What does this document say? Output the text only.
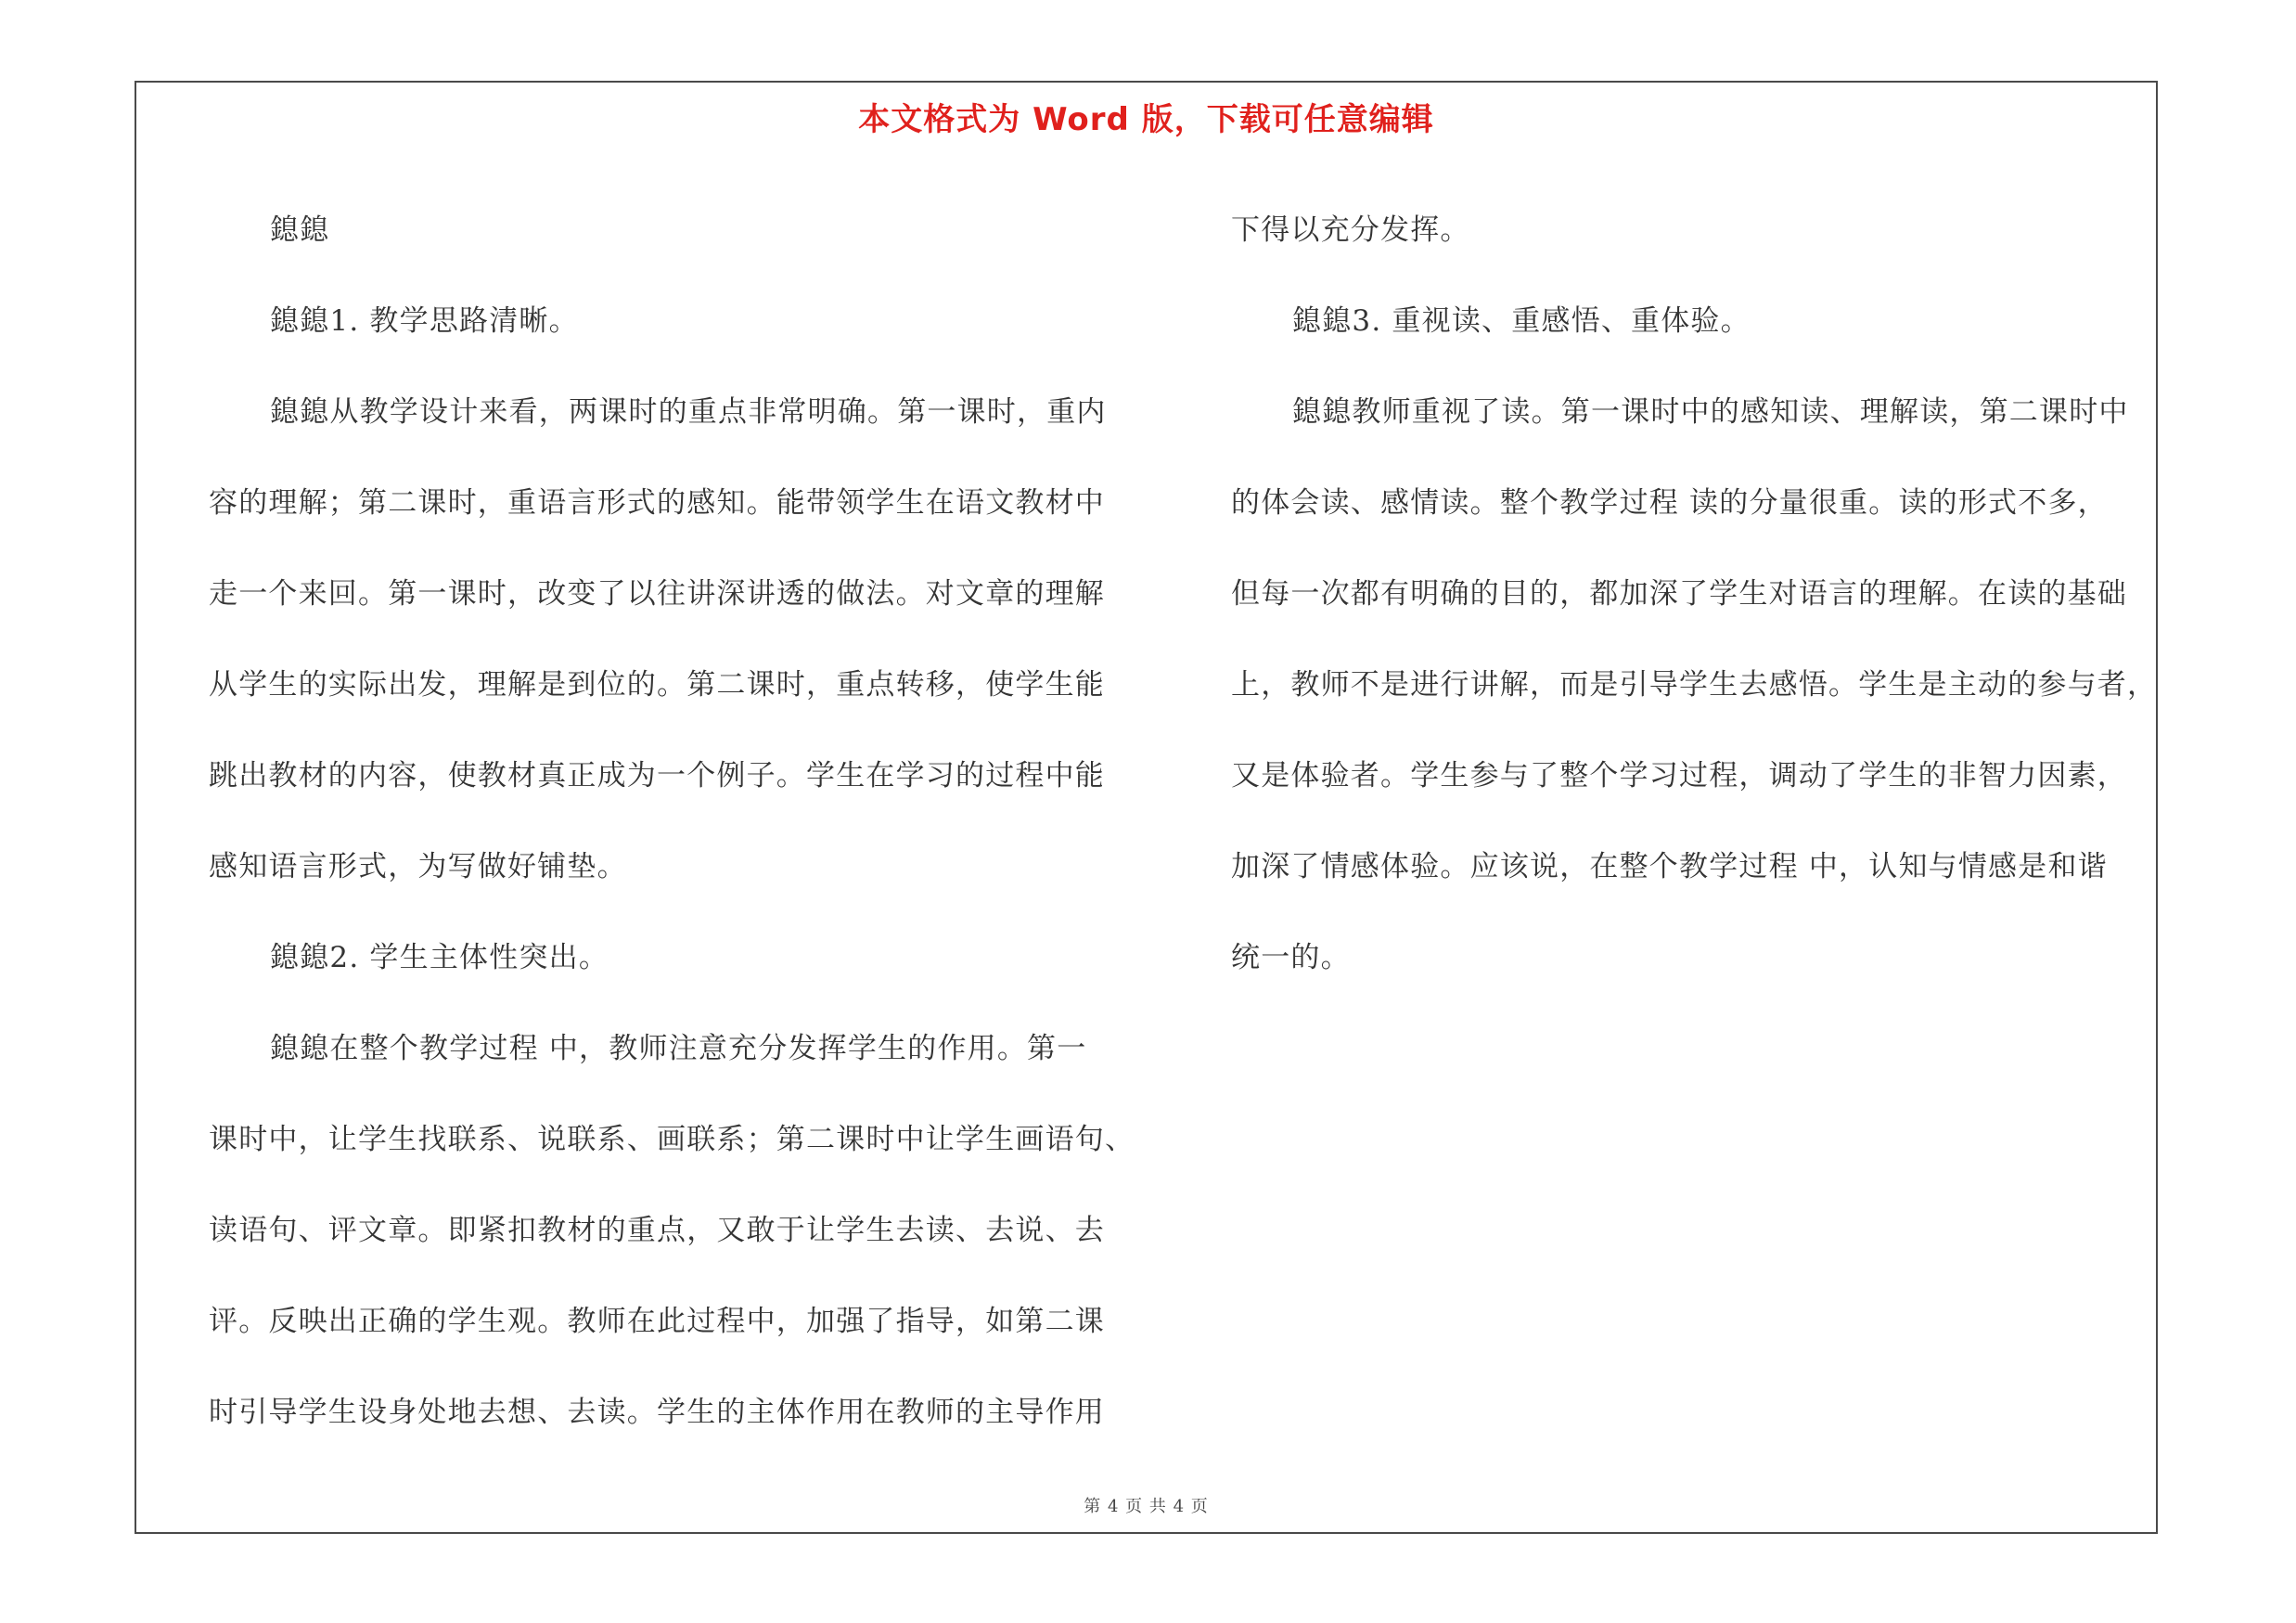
本文格式为 Word 版，下载可任意编辑
鎴鎴
鎴鎴1. 教学思路清晰。
鎴鎴从教学设计来看，两课时的重点非常明确。第一课时，重内
容的理解；第二课时，重语言形式的感知。能带领学生在语文教材中
走一个来回。第一课时，改变了以往讲深讲透的做法。对文章的理解
从学生的实际出发，理解是到位的。第二课时，重点转移，使学生能
跳出教材的内容，使教材真正成为一个例子。学生在学习的过程中能
感知语言形式，为写做好铺垫。
鎴鎴2. 学生主体性突出。
鎴鎴在整个教学过程 中，教师注意充分发挥学生的作用。第一
课时中，让学生找联系、说联系、画联系；第二课时中让学生画语句、
读语句、评文章。即紧扣教材的重点，又敢于让学生去读、去说、去
评。反映出正确的学生观。教师在此过程中，加强了指导，如第二课
时引导学生设身处地去想、去读。学生的主体作用在教师的主导作用
下得以充分发挥。
鎴鎴3. 重视读、重感悟、重体验。
鎴鎴教师重视了读。第一课时中的感知读、理解读，第二课时中
的体会读、感情读。整个教学过程 读的分量很重。读的形式不多，
但每一次都有明确的目的，都加深了学生对语言的理解。在读的基础
上，教师不是进行讲解，而是引导学生去感悟。学生是主动的参与者，
又是体验者。学生参与了整个学习过程，调动了学生的非智力因素，
加深了情感体验。应该说，在整个教学过程 中，认知与情感是和谐
统一的。
第 4 页 共 4 页
